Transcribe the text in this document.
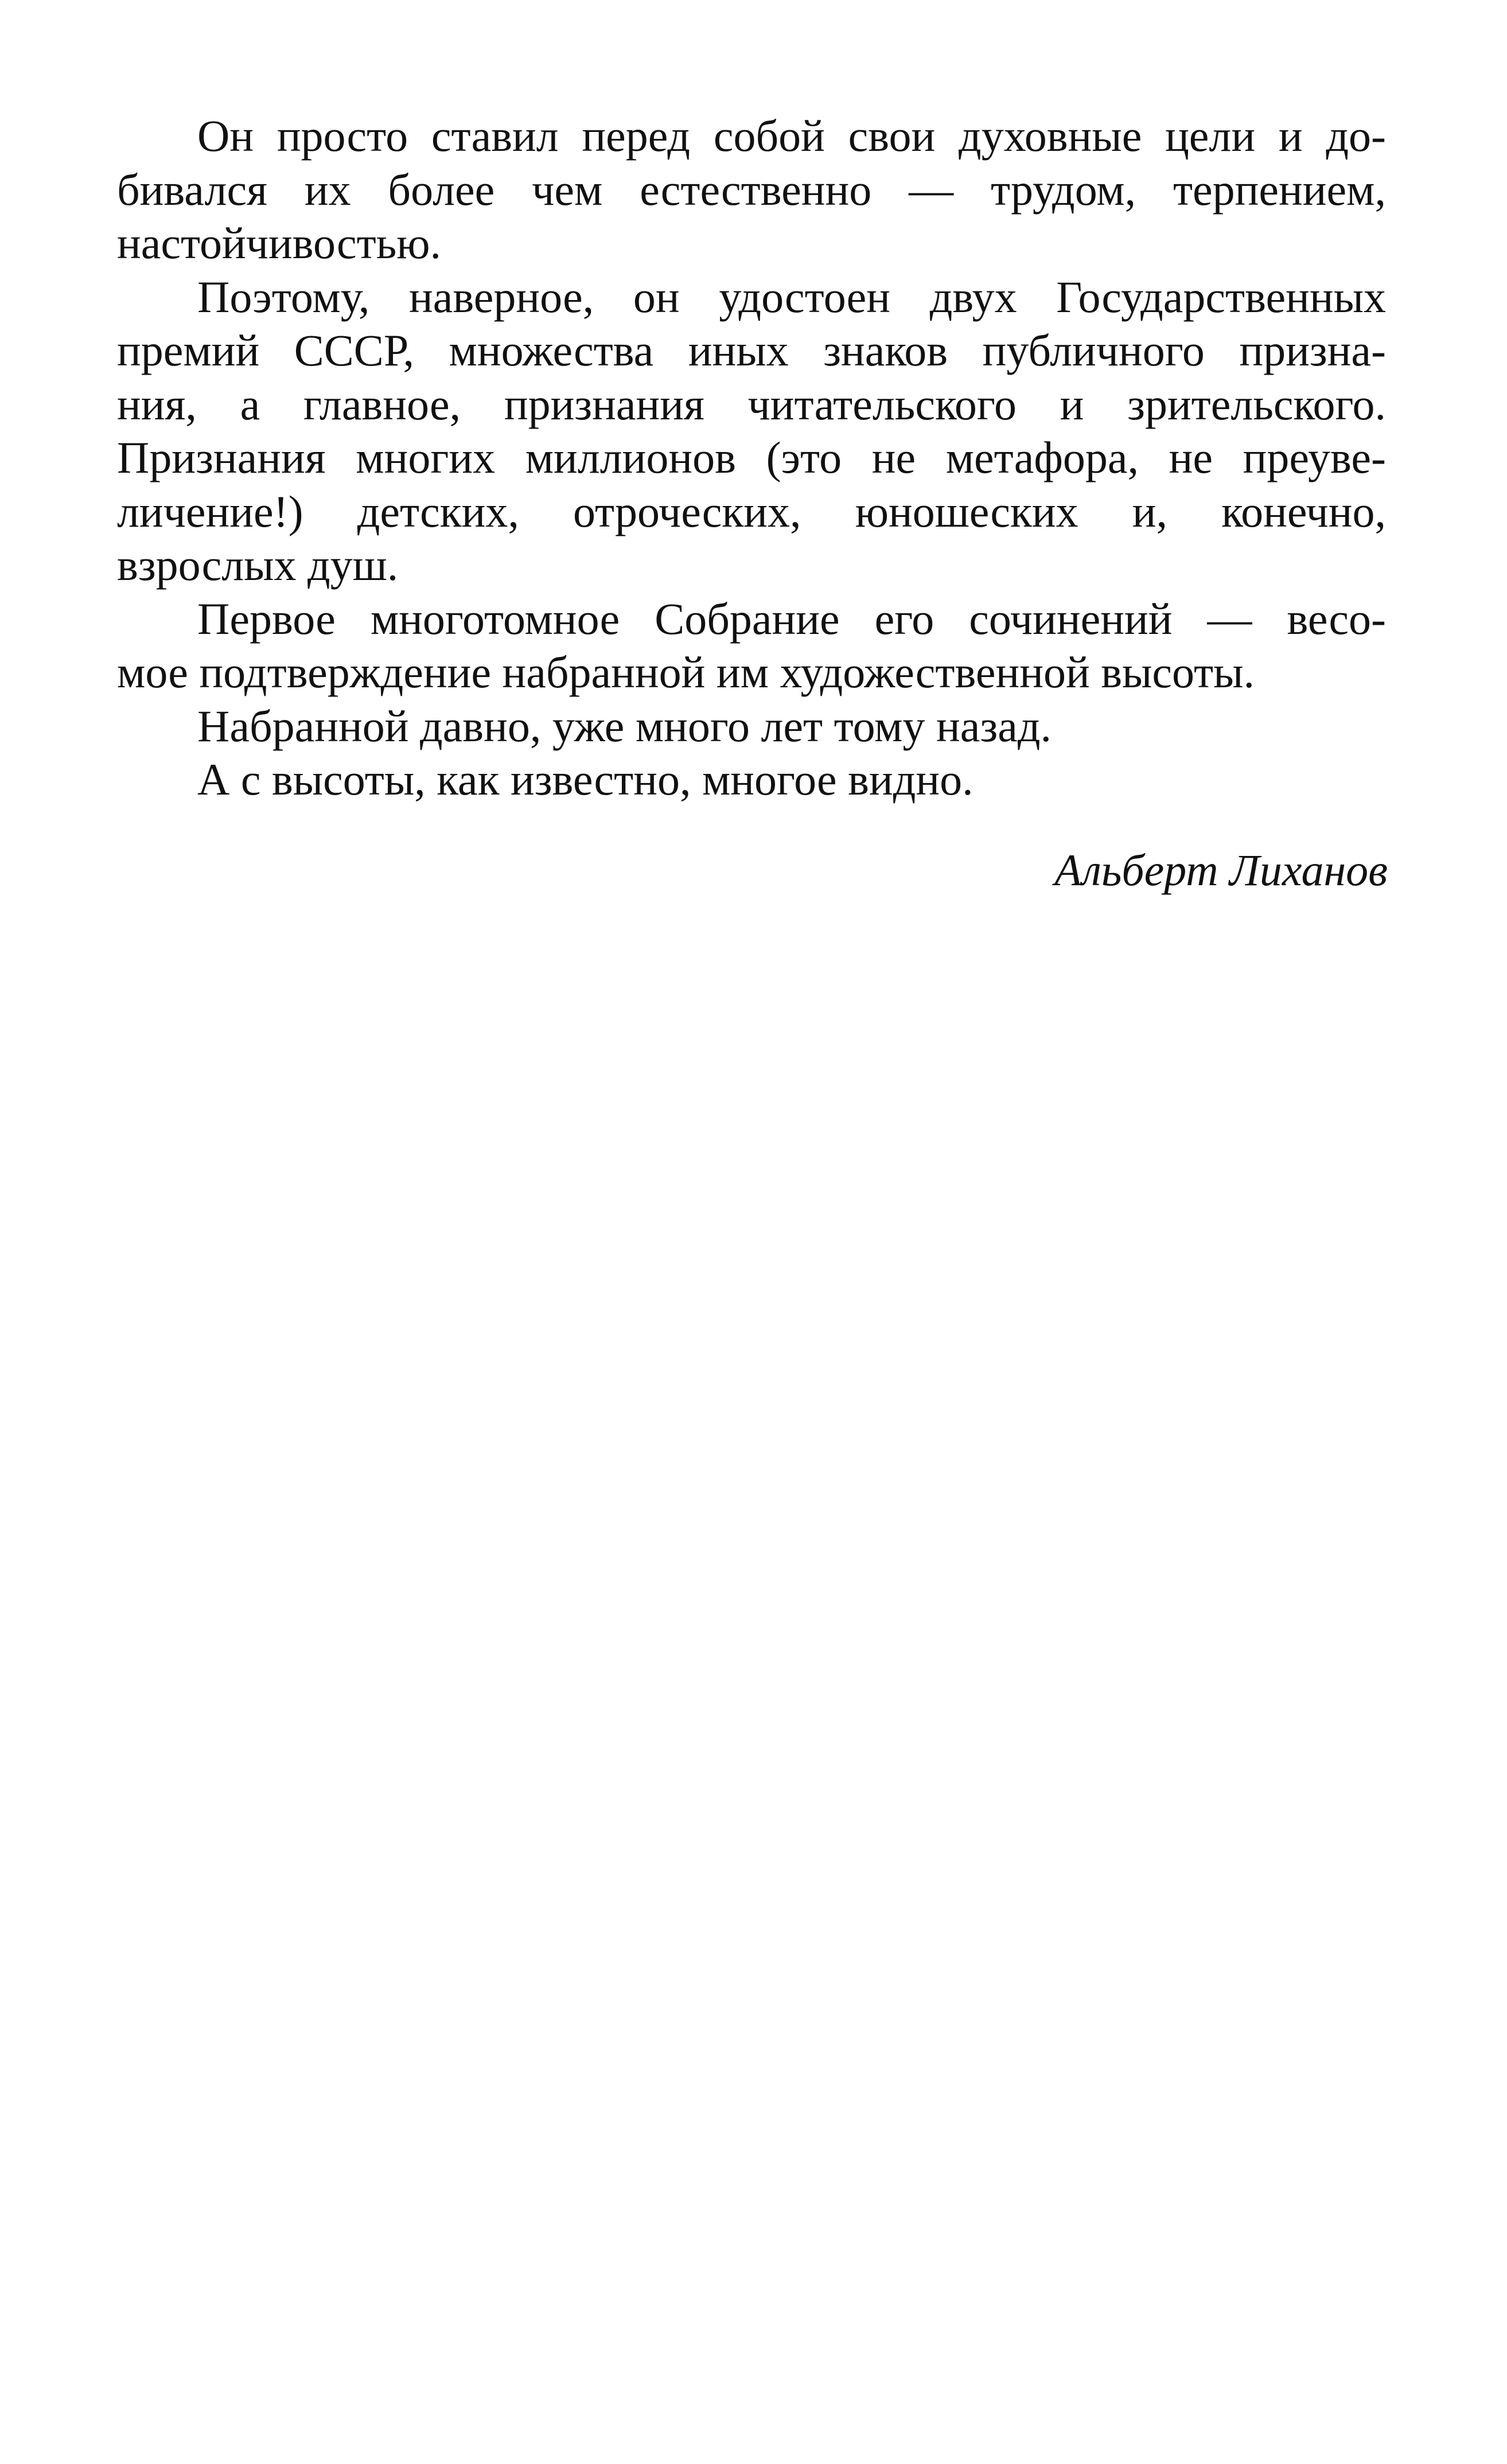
Он просто ставил перед собой свои духовные цели и до-
бивался их более чем естественно — трудом, терпением,
настойчивостью.
Поэтому, наверное, он удостоен двух Государственных
премий СССР, множества иных знаков публичного призна-
ния, а главное, признания читательского и зрительского.
Признания многих миллионов (это не метафора, не преуве-
личение!) детских, отроческих, юношеских и, конечно,
взрослых душ.
Первое многотомное Собрание его сочинений — весо-
мое подтверждение набранной им художественной высоты.
Набранной давно, уже много лет тому назад.
А с высоты, как известно, многое видно.
Альберт Лиханов
